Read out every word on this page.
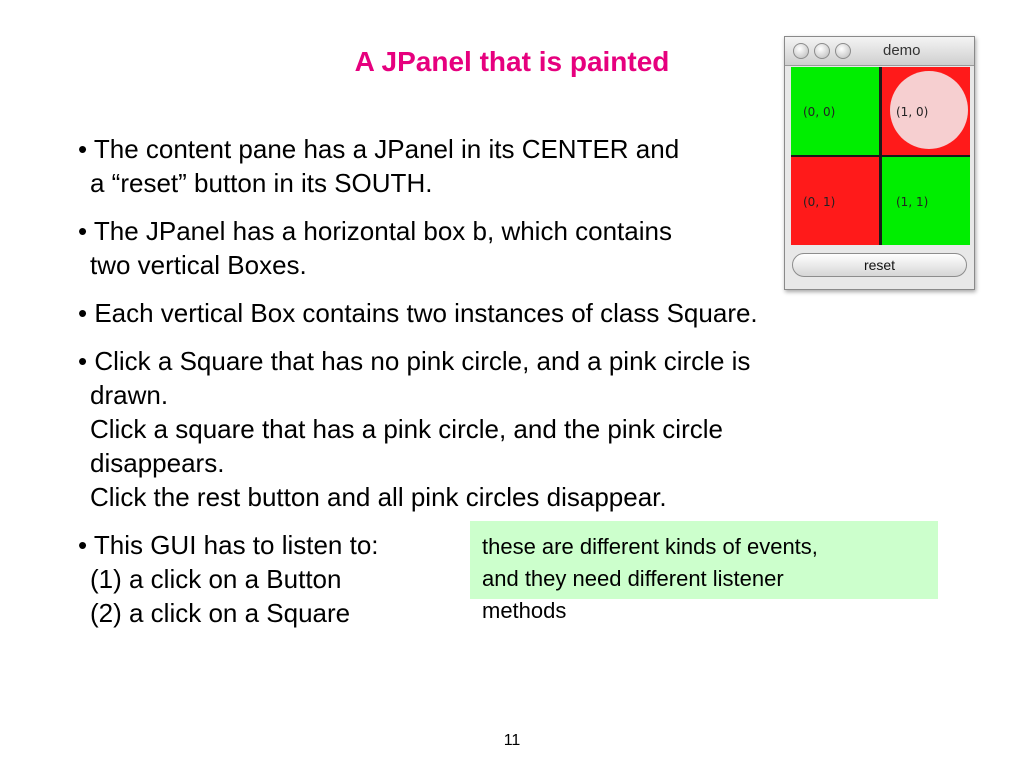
A JPanel that is painted
• The content pane has a JPanel in its CENTER and
a “reset” button in its SOUTH.
• The JPanel has a horizontal box b, which contains
two vertical Boxes.
• Each vertical Box contains two instances of class Square.
• Click a Square that has no pink circle, and a pink circle is
drawn.
Click a square that has a pink circle, and the pink circle
disappears.
Click the rest button and all pink circles disappear.
• This GUI has to listen to:
(1) a click on a Button
(2) a click on a Square
these are different kinds of events,
and they need different listener
methods
demo
(0, 0)	(1, 0)
(0, 1)	(1, 1)
reset
11
